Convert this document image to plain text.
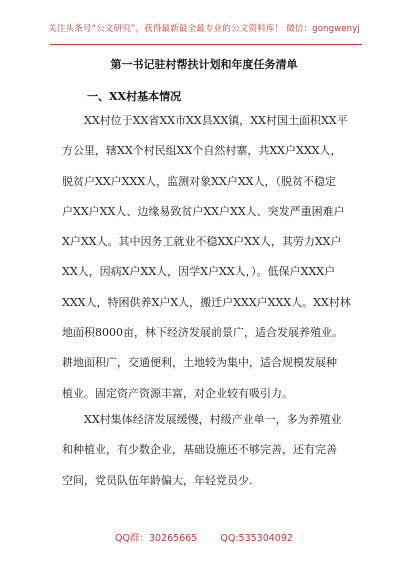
关注头条号“公文研究”，获得最新最全最专业的公文资料库！ 微信：gongwenyj
第一书记驻村帮扶计划和年度任务清单
一、XX村基本情况
XX村位于XX省XX市XX县XX镇，XX村国土面积XX平
方公里，辖XX个村民组XX个自然村寨，共XX户XXX人，
脱贫户XX户XXX人，监测对象XX户XX人，（脱贫不稳定
户XX户XX人、边缘易致贫户XX户XX人、突发严重困难户
X户XX人。其中因务工就业不稳XX户XX人，其劳力XX户
XX人，因病X户XX人，因学X户XX人，）。低保户XXX户
XXX人，特困供养X户X人，搬迁户XXX户XXX人。XX村林
地面积8000亩，林下经济发展前景广，适合发展养殖业。
耕地面积广，交通便利，土地较为集中，适合规模发展种
植业。固定资产资源丰富，对企业较有吸引力。
　　XX村集体经济发展缓慢，村级产业单一，多为养殖业
和种植业，有少数企业，基础设施还不够完善，还有完善
空间，党员队伍年龄偏大，年轻党员少.
QQ群：30265665 QQ:535304092
